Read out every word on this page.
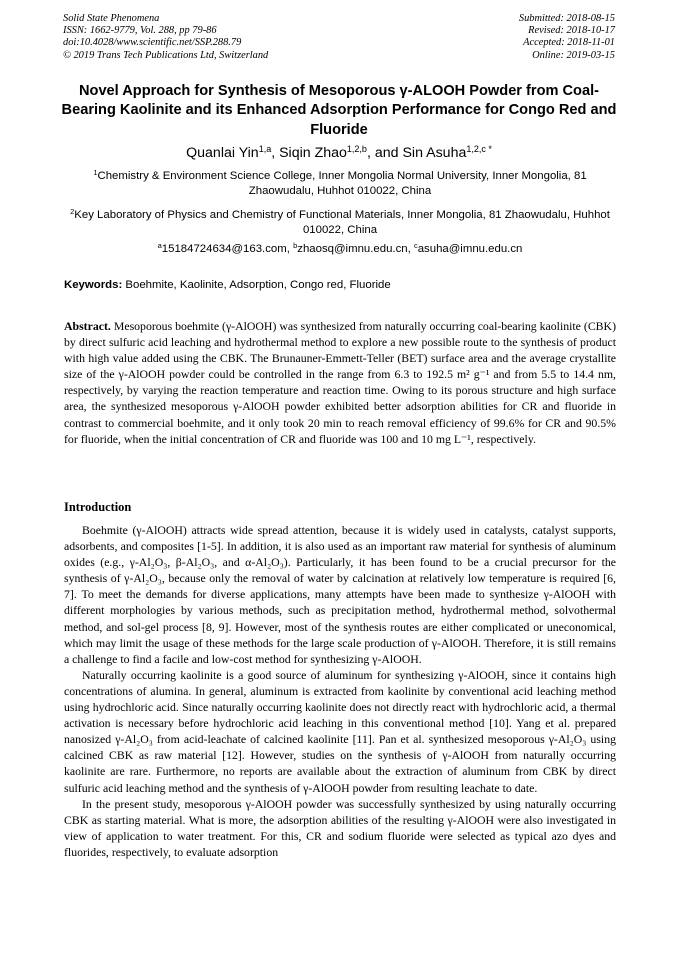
Solid State Phenomena
ISSN: 1662-9779, Vol. 288, pp 79-86
doi:10.4028/www.scientific.net/SSP.288.79
© 2019 Trans Tech Publications Ltd, Switzerland
Submitted: 2018-08-15
Revised: 2018-10-17
Accepted: 2018-11-01
Online: 2019-03-15
Novel Approach for Synthesis of Mesoporous γ-ALOOH Powder from Coal-Bearing Kaolinite and its Enhanced Adsorption Performance for Congo Red and Fluoride
Quanlai Yin$^{1,a}$, Siqin Zhao$^{1,2,b}$, and Sin Asuha$^{1,2,c *}$
$^1$Chemistry & Environment Science College, Inner Mongolia Normal University, Inner Mongolia, 81 Zhaowudalu, Huhhot 010022, China
$^2$Key Laboratory of Physics and Chemistry of Functional Materials, Inner Mongolia, 81 Zhaowudalu, Huhhot 010022, China
$^a$15184724634@163.com, $^b$zhaosq@imnu.edu.cn, $^c$asuha@imnu.edu.cn
Keywords: Boehmite, Kaolinite, Adsorption, Congo red, Fluoride
Abstract. Mesoporous boehmite (γ-AlOOH) was synthesized from naturally occurring coal-bearing kaolinite (CBK) by direct sulfuric acid leaching and hydrothermal method to explore a new possible route to the synthesis of product with high value added using the CBK. The Brunauner-Emmett-Teller (BET) surface area and the average crystallite size of the γ-AlOOH powder could be controlled in the range from 6.3 to 192.5 m² g⁻¹ and from 5.5 to 14.4 nm, respectively, by varying the reaction temperature and reaction time. Owing to its porous structure and high surface area, the synthesized mesoporous γ-AlOOH powder exhibited better adsorption abilities for CR and fluoride in contrast to commercial boehmite, and it only took 20 min to reach removal efficiency of 99.6% for CR and 90.5% for fluoride, when the initial concentration of CR and fluoride was 100 and 10 mg L⁻¹, respectively.
Introduction

Boehmite (γ-AlOOH) attracts wide spread attention, because it is widely used in catalysts, catalyst supports, adsorbents, and composites [1-5]. In addition, it is also used as an important raw material for synthesis of aluminum oxides (e.g., γ-Al₂O₃, β-Al₂O₃, and α-Al₂O₃). Particularly, it has been found to be a crucial precursor for the synthesis of γ-Al₂O₃, because only the removal of water by calcination at relatively low temperature is required [6, 7]. To meet the demands for diverse applications, many attempts have been made to synthesize γ-AlOOH with different morphologies by various methods, such as precipitation method, hydrothermal method, solvothermal method, and sol-gel process [8, 9]. However, most of the synthesis routes are either complicated or uneconomical, which may limit the usage of these methods for the large scale production of γ-AlOOH. Therefore, it is still remains a challenge to find a facile and low-cost method for synthesizing γ-AlOOH.

Naturally occurring kaolinite is a good source of aluminum for synthesizing γ-AlOOH, since it contains high concentrations of alumina. In general, aluminum is extracted from kaolinite by conventional acid leaching method using hydrochloric acid. Since naturally occurring kaolinite does not directly react with hydrochloric acid, a thermal activation is necessary before hydrochloric acid leaching in this conventional method [10]. Yang et al. prepared nanosized γ-Al₂O₃ from acid-leachate of calcined kaolinite [11]. Pan et al. synthesized mesoporous γ-Al₂O₃ using calcined CBK as raw material [12]. However, studies on the synthesis of γ-AlOOH from naturally occurring kaolinite are rare. Furthermore, no reports are available about the extraction of aluminum from CBK by direct sulfuric acid leaching method and the synthesis of γ-AlOOH powder from resulting leachate to date.

In the present study, mesoporous γ-AlOOH powder was successfully synthesized by using naturally occurring CBK as starting material. What is more, the adsorption abilities of the resulting γ-AlOOH were also investigated in view of application to water treatment. For this, CR and sodium fluoride were selected as typical azo dyes and fluorides, respectively, to evaluate adsorption
